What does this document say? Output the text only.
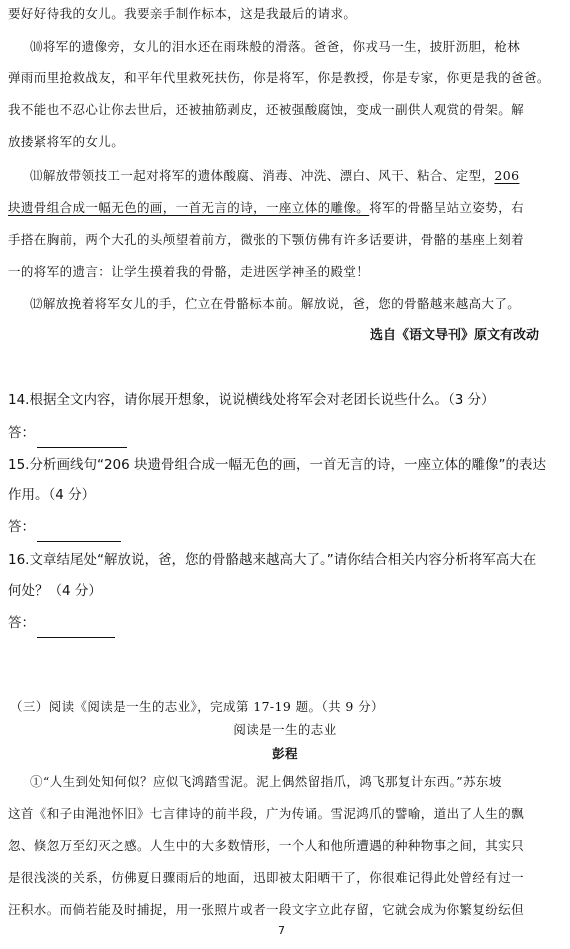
要好好待我的女儿。我要亲手制作标本，这是我最后的请求。
⑽将军的遗像旁，女儿的泪水还在雨珠般的滑落。爸爸，你戎马一生，披肝沥胆，枪林
弹雨而里抢救战友，和平年代里救死扶伤，你是将军，你是教授，你是专家，你更是我的爸爸。
我不能也不忍心让你去世后，还被抽筋剥皮，还被强酸腐蚀，变成一副供人观赏的骨架。解
放搂紧将军的女儿。
⑾解放带领技工一起对将军的遗体酸腐、消毒、冲洗、漂白、风干、粘合、定型，206
块遗骨组合成一幅无色的画，一首无言的诗，一座立体的雕像。将军的骨骼呈站立姿势，右
手搭在胸前，两个大孔的头颅望着前方，微张的下颚仿佛有许多话要讲，骨骼的基座上刻着
一的将军的遗言：让学生摸着我的骨骼，走进医学神圣的殿堂！
⑿解放挽着将军女儿的手，伫立在骨骼标本前。解放说，爸，您的骨骼越来越高大了。
选自《语文导刊》原文有改动
14.根据全文内容，请你展开想象，说说横线处将军会对老团长说些什么。（3 分）
答：
15.分析画线句“206 块遗骨组合成一幅无色的画，一首无言的诗，一座立体的雕像”的表达
作用。（4 分）
答：
16.文章结尾处“解放说，爸，您的骨骼越来越高大了。”请你结合相关内容分析将军高大在
何处？（4 分）
答：
（三）阅读《阅读是一生的志业》，完成第 17-19 题。（共 9 分）
阅读是一生的志业
彭程
①“人生到处知何似？应似飞鸿踏雪泥。泥上偶然留指爪，鸿飞那复计东西。”苏东坡
这首《和子由渑池怀旧》七言律诗的前半段，广为传诵。雪泥鸿爪的譬喻，道出了人生的飘
忽、倏忽万至幻灭之感。人生中的大多数情形，一个人和他所遭遇的种种物事之间，其实只
是很浅淡的关系，仿佛夏日骤雨后的地面，迅即被太阳晒干了，你很难记得此处曾经有过一
汪积水。而倘若能及时捕捉，用一张照片或者一段文字立此存留，它就会成为你繁复纷纭但
7
